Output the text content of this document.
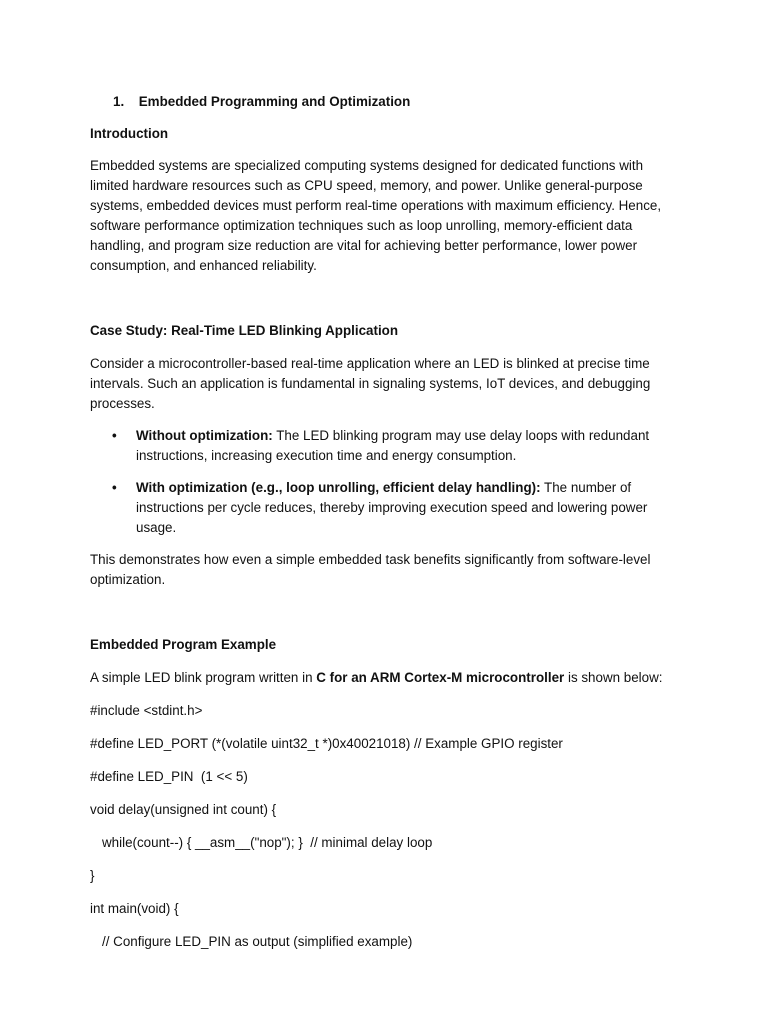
1. Embedded Programming and Optimization

Introduction

Embedded systems are specialized computing systems designed for dedicated functions with limited hardware resources such as CPU speed, memory, and power. Unlike general-purpose systems, embedded devices must perform real-time operations with maximum efficiency. Hence, software performance optimization techniques such as loop unrolling, memory-efficient data handling, and program size reduction are vital for achieving better performance, lower power consumption, and enhanced reliability.

Case Study: Real-Time LED Blinking Application

Consider a microcontroller-based real-time application where an LED is blinked at precise time intervals. Such an application is fundamental in signaling systems, IoT devices, and debugging processes.

• Without optimization: The LED blinking program may use delay loops with redundant instructions, increasing execution time and energy consumption.
• With optimization (e.g., loop unrolling, efficient delay handling): The number of instructions per cycle reduces, thereby improving execution speed and lowering power usage.

This demonstrates how even a simple embedded task benefits significantly from software-level optimization.

Embedded Program Example

A simple LED blink program written in C for an ARM Cortex-M microcontroller is shown below:

#include <stdint.h>

#define LED_PORT (*(volatile uint32_t *)0x40021018) // Example GPIO register

#define LED_PIN  (1 << 5)

void delay(unsigned int count) {

while(count--) { __asm__("nop"); }  // minimal delay loop

}

int main(void) {

// Configure LED_PIN as output (simplified example)
